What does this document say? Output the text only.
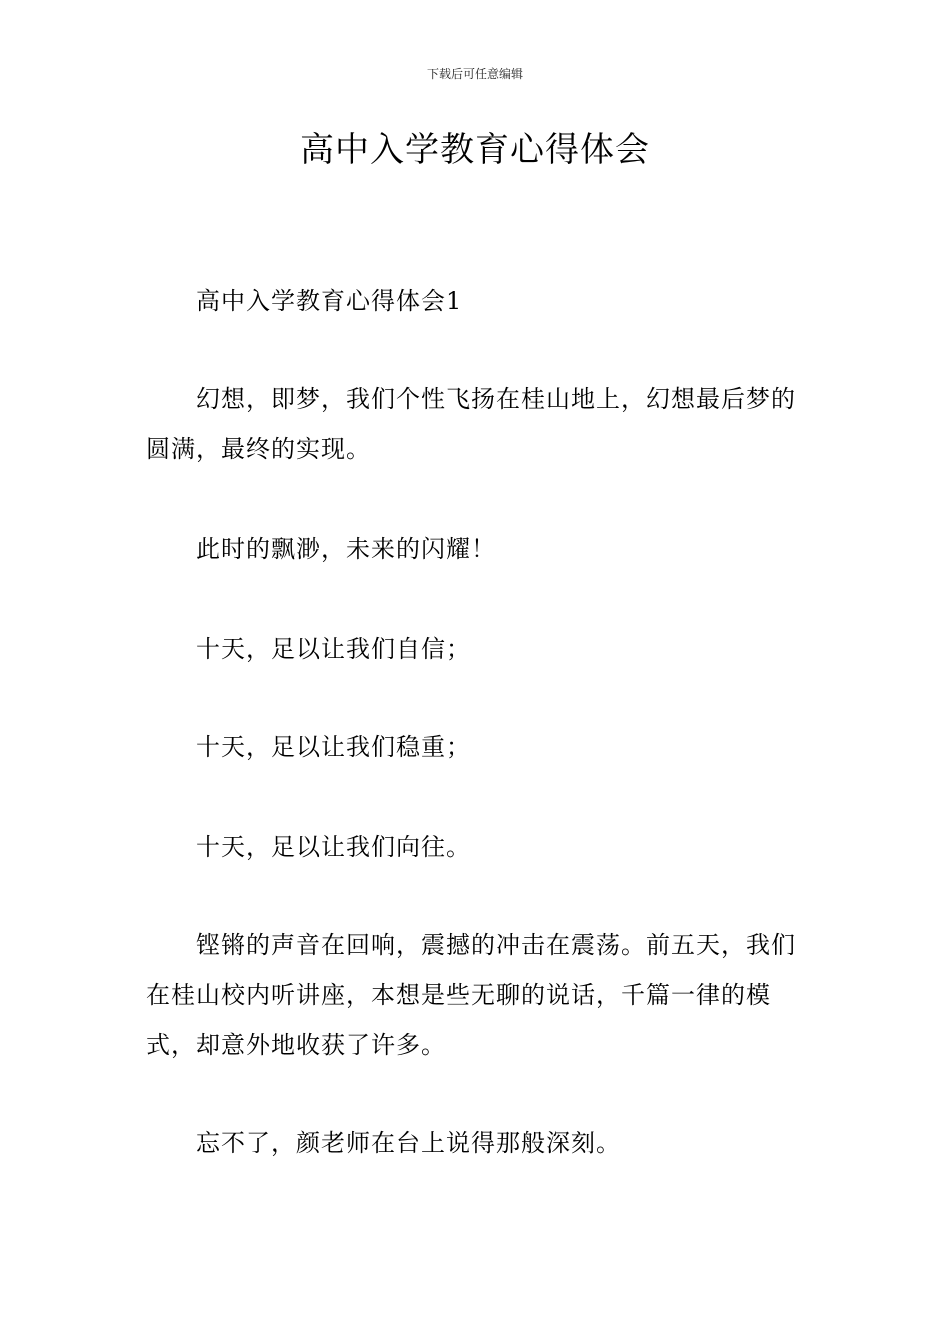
下载后可任意编辑
高中入学教育心得体会

高中入学教育心得体会1

幻想，即梦，我们个性飞扬在桂山地上，幻想最后梦的圆满，最终的实现。

此时的飘渺，未来的闪耀！

十天，足以让我们自信；

十天，足以让我们稳重；

十天，足以让我们向往。

铿锵的声音在回响，震撼的冲击在震荡。前五天，我们在桂山校内听讲座，本想是些无聊的说话，千篇一律的模式，却意外地收获了许多。

忘不了，颜老师在台上说得那般深刻。
